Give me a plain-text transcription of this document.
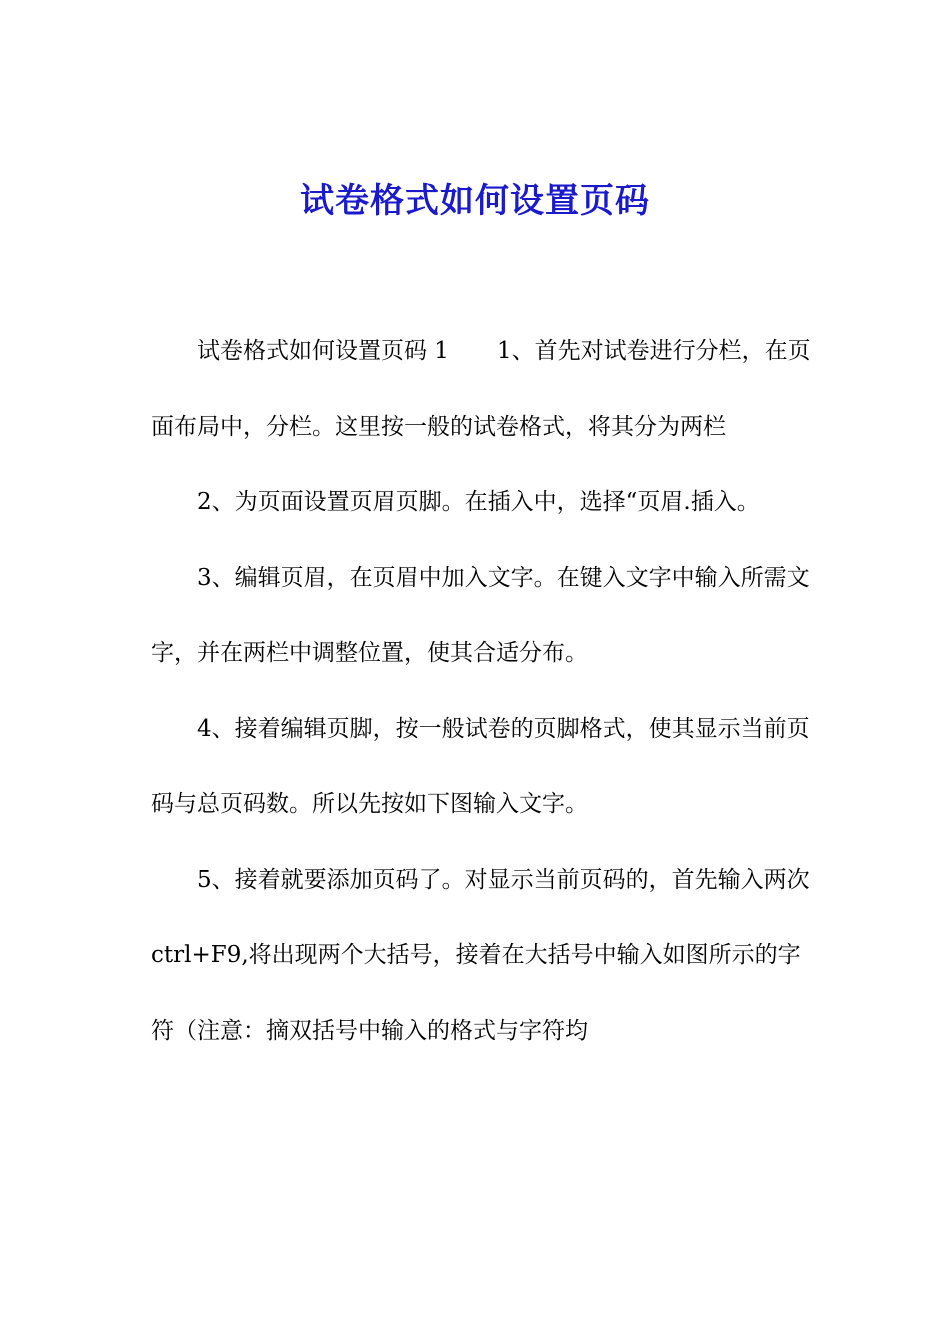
试卷格式如何设置页码

试卷格式如何设置页码 1 1、首先对试卷进行分栏，在页面布局中，分栏。这里按一般的试卷格式，将其分为两栏

2、为页面设置页眉页脚。在插入中，选择“页眉.插入。

3、编辑页眉，在页眉中加入文字。在键入文字中输入所需文字，并在两栏中调整位置，使其合适分布。

4、接着编辑页脚，按一般试卷的页脚格式，使其显示当前页码与总页码数。所以先按如下图输入文字。

5、接着就要添加页码了。对显示当前页码的，首先输入两次ctrl+F9,将出现两个大括号，接着在大括号中输入如图所示的字符（注意：摘双括号中输入的格式与字符均
